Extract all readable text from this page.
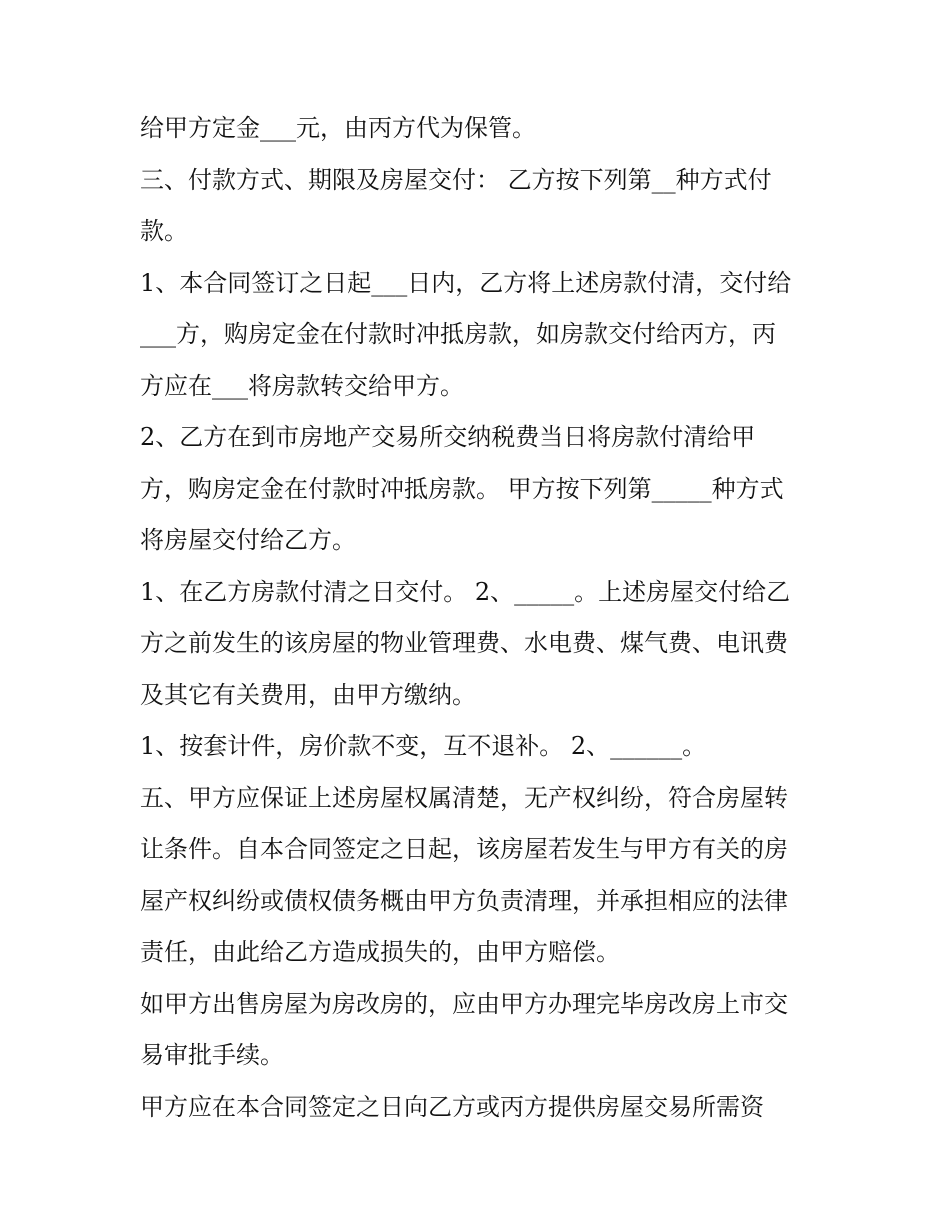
给甲方定金___元，由丙方代为保管。
三、付款方式、期限及房屋交付： 乙方按下列第__种方式付
款。
1、本合同签订之日起___日内，乙方将上述房款付清，交付给
___方，购房定金在付款时冲抵房款，如房款交付给丙方，丙
方应在___将房款转交给甲方。
2、乙方在到市房地产交易所交纳税费当日将房款付清给甲
方，购房定金在付款时冲抵房款。 甲方按下列第_____种方式
将房屋交付给乙方。
1、在乙方房款付清之日交付。 2、_____。上述房屋交付给乙
方之前发生的该房屋的物业管理费、水电费、煤气费、电讯费
及其它有关费用，由甲方缴纳。
1、按套计件，房价款不变，互不退补。 2、______。
五、甲方应保证上述房屋权属清楚，无产权纠纷，符合房屋转
让条件。自本合同签定之日起，该房屋若发生与甲方有关的房
屋产权纠纷或债权债务概由甲方负责清理，并承担相应的法律
责任，由此给乙方造成损失的，由甲方赔偿。
如甲方出售房屋为房改房的，应由甲方办理完毕房改房上市交
易审批手续。
甲方应在本合同签定之日向乙方或丙方提供房屋交易所需资
